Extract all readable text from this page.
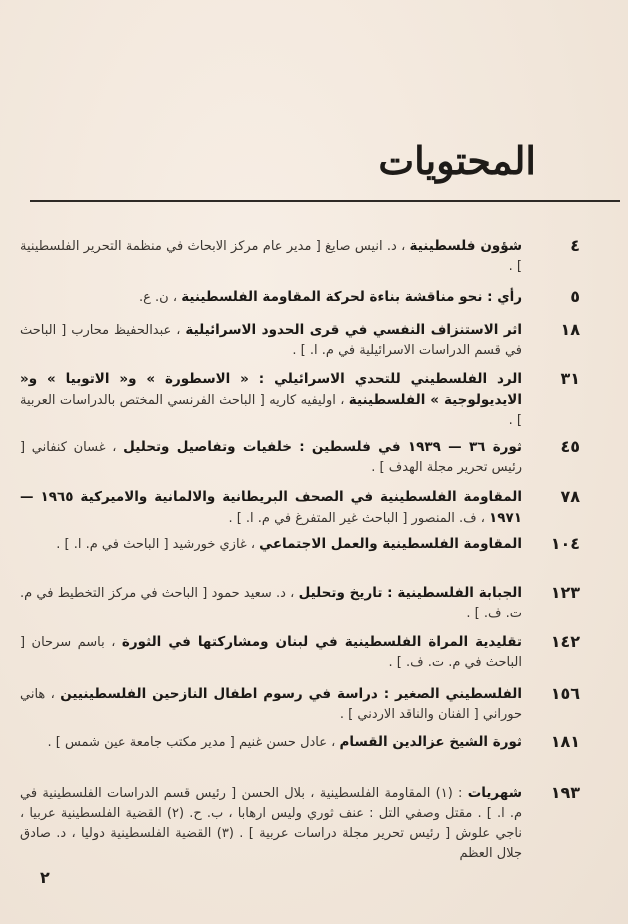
المحتويات
٤
شؤون فلسطينية ، د. انيس صايغ [ مدير عام مركز الابحاث في منظمة التحرير الفلسطينية ] .
٥
رأي : نحو مناقشة بناءة لحركة المقاومة الفلسطينية ، ن. ع.
١٨
اثر الاستنزاف النفسي في قرى الحدود الاسرائيلية ، عبدالحفيظ محارب [ الباحث في قسم الدراسات الاسرائيلية في م. ا. ] .
٣١
الرد الفلسطيني للتحدي الاسرائيلي : « الاسطورة » و« الاتوبيا » و« الايديولوجية » الفلسطينية ، اوليفيه كاريه [ الباحث الفرنسي المختص بالدراسات العربية ] .
٤٥
ثورة ٣٦ — ١٩٣٩ في فلسطين : خلفيات وتفاصيل وتحليل ، غسان كنفاني [ رئيس تحرير مجلة الهدف ] .
٧٨
المقاومة الفلسطينية في الصحف البريطانية والالمانية والاميركية ١٩٦٥ — ١٩٧١ ، ف. المنصور [ الباحث غير المتفرغ في م. ا. ] .
١٠٤
المقاومة الفلسطينية والعمل الاجتماعي ، غازي خورشيد [ الباحث في م. ا. ] .
١٢٣
الجبابة الفلسطينية : تاريخ وتحليل ، د. سعيد حمود [ الباحث في مركز التخطيط في م. ت. ف. ] .
١٤٢
تقليدية المراة الفلسطينية في لبنان ومشاركتها في الثورة ، باسم سرحان [ الباحث في م. ت. ف. ] .
١٥٦
الفلسطيني الصغير : دراسة في رسوم اطفال النازحين الفلسطينيين ، هاني حوراني [ الفنان والناقد الاردني ] .
١٨١
ثورة الشيخ عزالدين القسام ، عادل حسن غنيم [ مدير مكتب جامعة عين شمس ] .
١٩٣
شهريات : (١) المقاومة الفلسطينية ، بلال الحسن [ رئيس قسم الدراسات الفلسطينية في م. ا. ] . مقتل وصفي التل : عنف ثوري وليس ارهابا ، ب. ح. (٢) القضية الفلسطينية عربيا ، ناجي علوش [ رئيس تحرير مجلة دراسات عربية ] . (٣) القضية الفلسطينية دوليا ، د. صادق جلال العظم
٢
